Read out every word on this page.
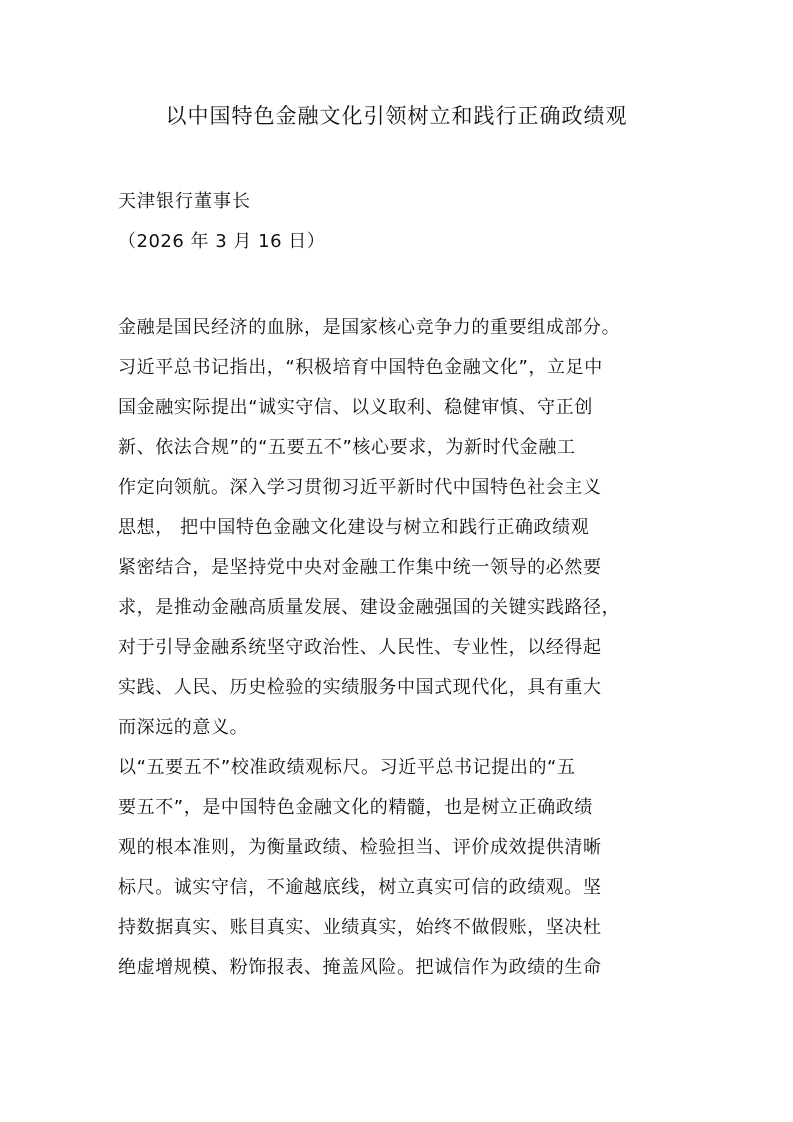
以中国特色金融文化引领树立和践行正确政绩观
天津银行董事长
（2026 年 3 月 16 日）
金融是国民经济的血脉，是国家核心竞争力的重要组成部分。
习近平总书记指出，“积极培育中国特色金融文化”，立足中
国金融实际提出“诚实守信、以义取利、稳健审慎、守正创
新、依法合规”的“五要五不”核心要求，为新时代金融工
作定向领航。深入学习贯彻习近平新时代中国特色社会主义
思想， 把中国特色金融文化建设与树立和践行正确政绩观
紧密结合，是坚持党中央对金融工作集中统一领导的必然要
求，是推动金融高质量发展、建设金融强国的关键实践路径，
对于引导金融系统坚守政治性、人民性、专业性，以经得起
实践、人民、历史检验的实绩服务中国式现代化，具有重大
而深远的意义。
以“五要五不”校准政绩观标尺。习近平总书记提出的“五
要五不”，是中国特色金融文化的精髓，也是树立正确政绩
观的根本准则，为衡量政绩、检验担当、评价成效提供清晰
标尺。诚实守信，不逾越底线，树立真实可信的政绩观。坚
持数据真实、账目真实、业绩真实，始终不做假账，坚决杜
绝虚增规模、粉饰报表、掩盖风险。把诚信作为政绩的生命
